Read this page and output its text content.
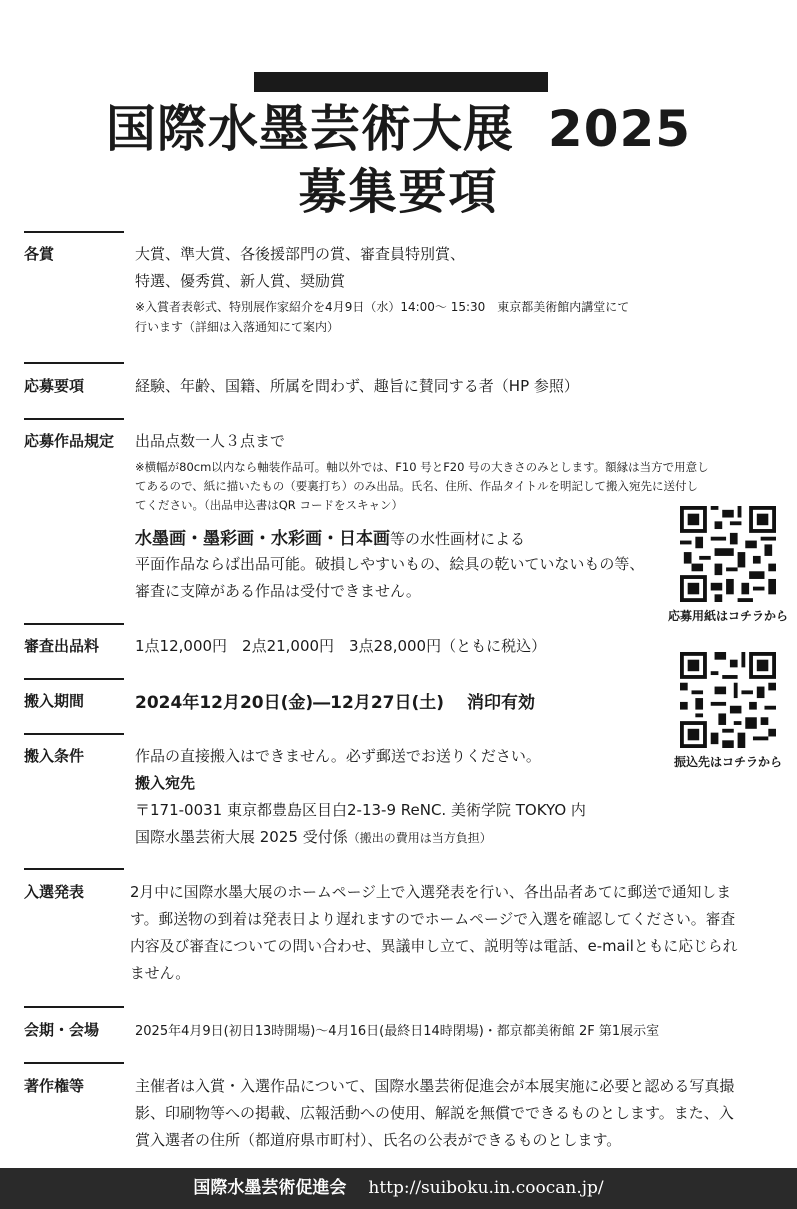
国際水墨芸術大展 2025
募集要項
各賞	大賞、準大賞、各後援部門の賞、審査員特別賞、
特選、優秀賞、新人賞、奨励賞
※入賞者表彰式、特別展作家紹介を4月9日（水）14:00〜 15:30　東京都美術館内講堂にて
行います（詳細は入落通知にて案内）
応募要項	経験、年齢、国籍、所属を問わず、趣旨に賛同する者（HP 参照）
応募作品規定 出品点数一人３点まで
※横幅が80cm以内なら軸装作品可。軸以外では、F10 号とF20 号の大きさのみとします。額縁は当方で用意し
てあるので、紙に描いたもの（要裏打ち）のみ出品。氏名、住所、作品タイトルを明記して搬入宛先に送付し
てください。（出品申込書はQR コードをスキャン）
水墨画・墨彩画・水彩画・日本画等の水性画材による
平面作品ならば出品可能。破損しやすいもの、絵具の乾いていないもの等、
審査に支障がある作品は受付できません。
応募用紙はコチラから
審査出品料 1点12,000円　2点21,000円　3点28,000円（ともに税込）
搬入期間	2024年12月20日(金)―12月27日(土)　 消印有効
振込先はコチラから
搬入条件	作品の直接搬入はできません。必ず郵送でお送りください。
搬入宛先
〒171-0031 東京都豊島区目白2-13-9 ReNC. 美術学院 TOKYO 内
国際水墨芸術大展 2025 受付係（搬出の費用は当方負担）
入選発表	2月中に国際水墨大展のホームページ上で入選発表を行い、各出品者あてに郵送で通知しま
す。郵送物の到着は発表日より遅れますのでホームページで入選を確認してください。審査
内容及び審査についての問い合わせ、異議申し立て、説明等は電話、e-mailともに応じられ
ません。
会期・会場	2025年4月9日(初日13時開場)～4月16日(最終日14時閉場)・都京都美術館 2F 第1展示室
著作権等	主催者は入賞・入選作品について、国際水墨芸術促進会が本展実施に必要と認める写真撮
影、印刷物等への掲載、広報活動への使用、解説を無償でできるものとします。また、入
賞入選者の住所（都道府県市町村）、氏名の公表ができるものとします。
国際水墨芸術促進会 http://suiboku.in.coocan.jp/
